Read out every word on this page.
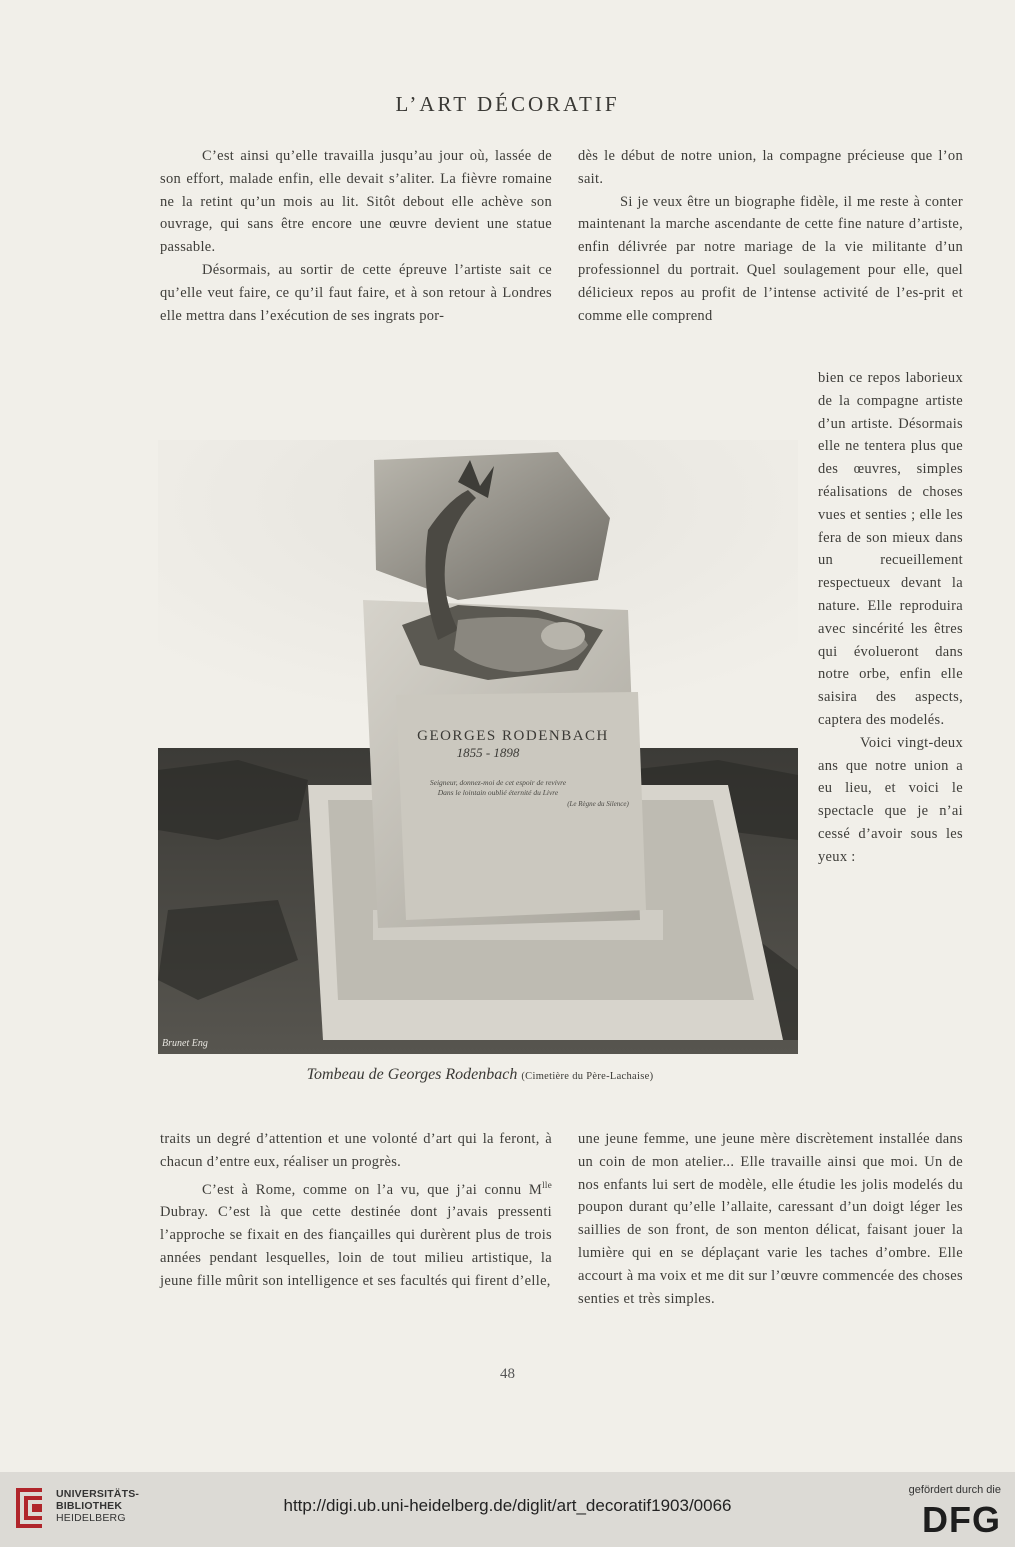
L’ART DÉCORATIF

C’est ainsi qu’elle travailla jusqu’au jour où, lassée de son effort, malade enfin, elle devait s’aliter. La fièvre romaine ne la retint qu’un mois au lit. Sitôt debout elle achève son ouvrage, qui sans être encore une œuvre devient une statue passable.

Désormais, au sortir de cette épreuve l’artiste sait ce qu’elle veut faire, ce qu’il faut faire, et à son retour à Londres elle mettra dans l’exécution de ses ingrats por-

dès le début de notre union, la compagne précieuse que l’on sait.

Si je veux être un biographe fidèle, il me reste à conter maintenant la marche ascendante de cette fine nature d’artiste, enfin délivrée par notre mariage de la vie militante d’un professionnel du portrait. Quel soulagement pour elle, quel délicieux repos au profit de l’intense activité de l’es-prit et comme elle comprend

bien ce repos laborieux de la compagne artiste d’un artiste. Désormais elle ne tentera plus que des œuvres, simples réalisations de choses vues et senties ; elle les fera de son mieux dans un recueillement respectueux devant la nature. Elle reproduira avec sincérité les êtres qui évolueront dans notre orbe, enfin elle saisira des aspects, captera des modelés.

Voici vingt-deux ans que notre union a eu lieu, et voici le spectacle que je n’ai cessé d’avoir sous les yeux :

GEORGES RODENBACH
1855 - 1898
Seigneur, donnez-moi de cet espoir de revivre
Dans le lointain oublié éternité du Livre
(Le Règne du Silence)
Brunet Eng
Tombeau de Georges Rodenbach (Cimetière du Père-Lachaise)

traits un degré d’attention et une volonté d’art qui la feront, à chacun d’entre eux, réaliser un progrès.

C’est à Rome, comme on l’a vu, que j’ai connu $M^{lle}$ Dubray. C’est là que cette destinée dont j’avais pressenti l’approche se fixait en des fiançailles qui durèrent plus de trois années pendant lesquelles, loin de tout milieu artistique, la jeune fille mûrit son intelligence et ses facultés qui firent d’elle,

une jeune femme, une jeune mère discrètement installée dans un coin de mon atelier... Elle travaille ainsi que moi. Un de nos enfants lui sert de modèle, elle étudie les jolis modelés du poupon durant qu’elle l’allaite, caressant d’un doigt léger les saillies de son front, de son menton délicat, faisant jouer la lumière qui en se déplaçant varie les taches d’ombre. Elle accourt à ma voix et me dit sur l’œuvre commencée des choses senties et très simples.

48
UNIVERSITÄTS-
BIBLIOTHEK
HEIDELBERG
http://digi.ub.uni-heidelberg.de/diglit/art_decoratif1903/0066
gefördert durch die
DFG
